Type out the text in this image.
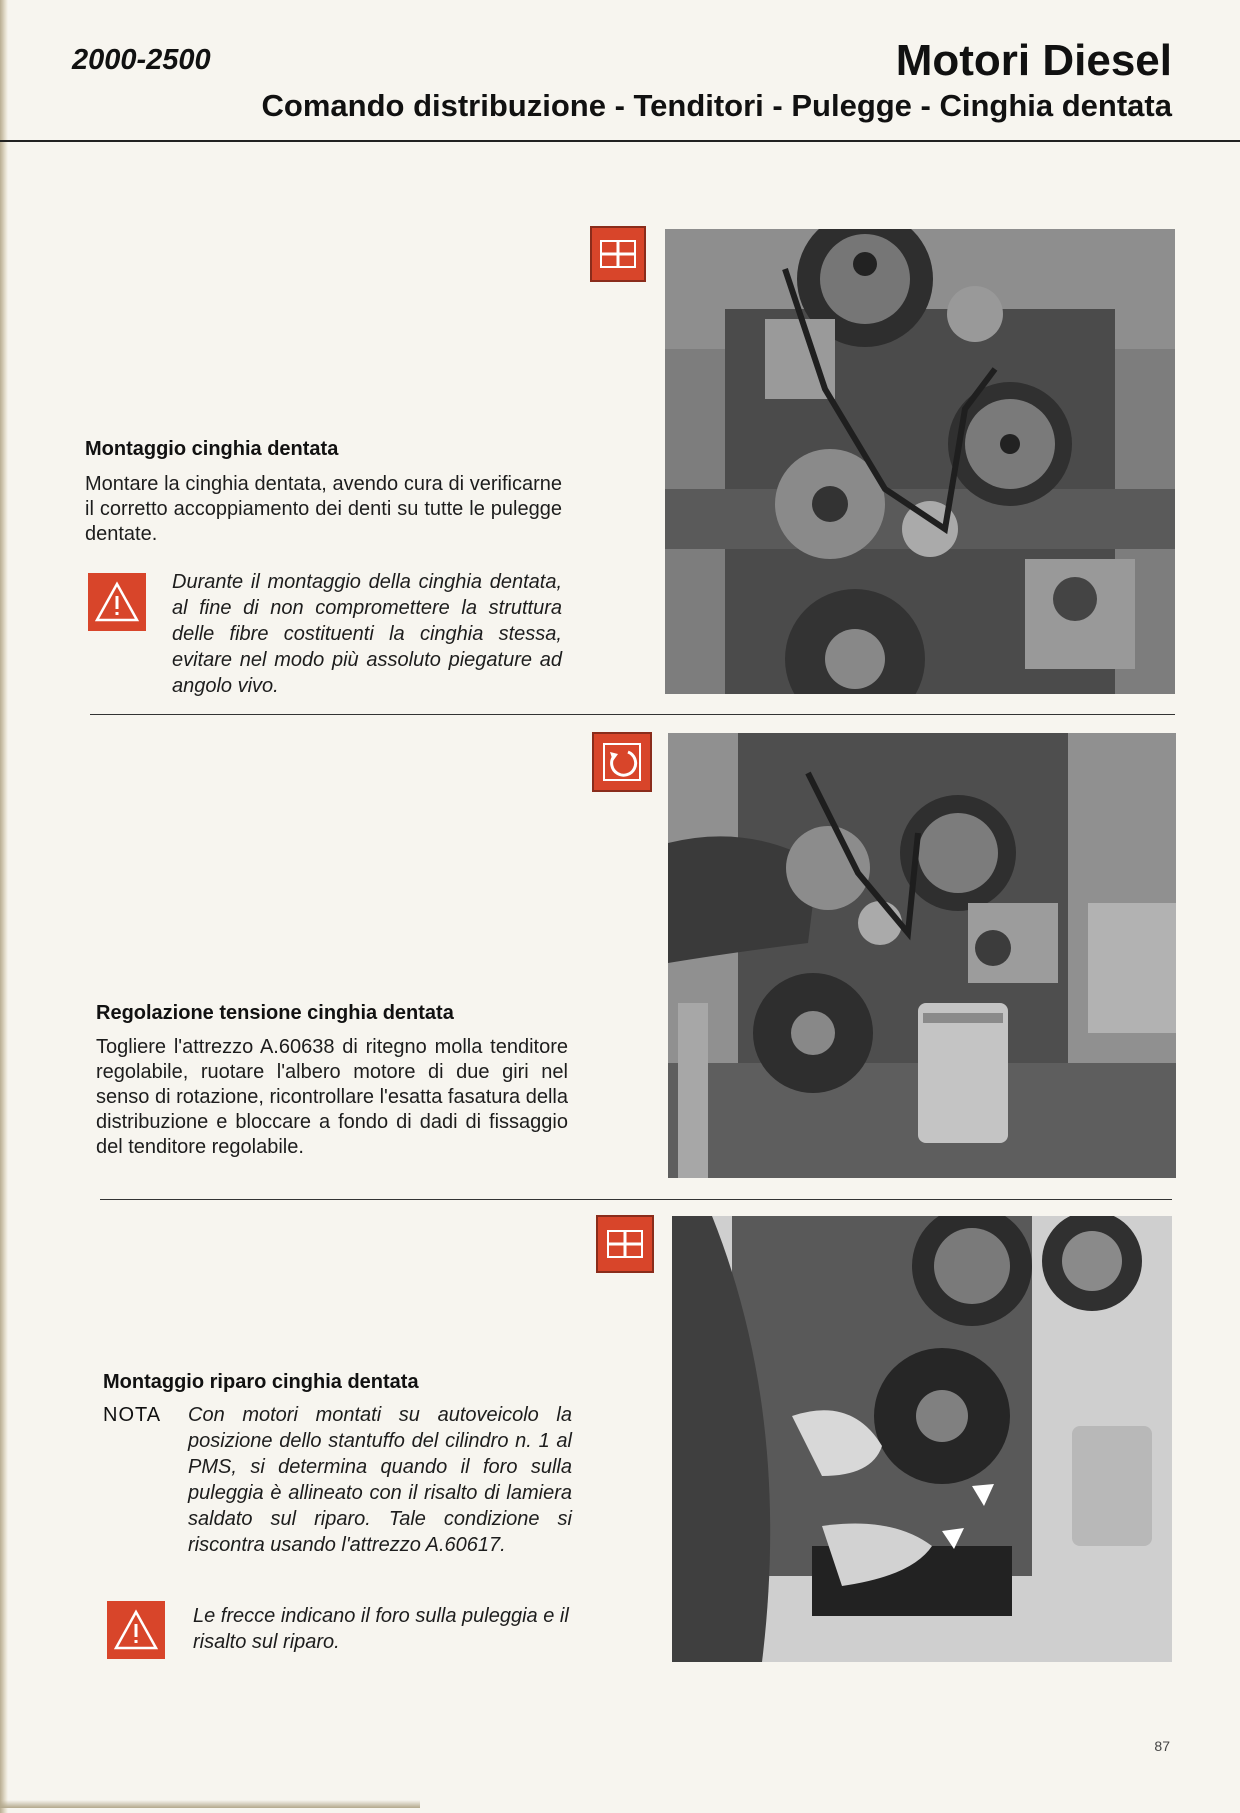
2000-2500	Motori Diesel
Comando distribuzione - Tenditori - Pulegge - Cinghia dentata
Montaggio cinghia dentata
Montare la cinghia dentata, avendo cura di verificarne il corretto accoppiamento dei denti su tutte le pulegge dentate.
Durante il montaggio della cinghia dentata, al fine di non compromettere la struttura delle fibre costituenti la cinghia stessa, evitare nel modo più assoluto piegature ad angolo vivo.
Regolazione tensione cinghia dentata
Togliere l'attrezzo A.60638 di ritegno molla tenditore regolabile, ruotare l'albero motore di due giri nel senso di rotazione, ricontrollare l'esatta fasatura della distribuzione e bloccare a fondo di dadi di fissaggio del tenditore regolabile.
Montaggio riparo cinghia dentata
NOTA Con motori montati su autoveicolo la posizione dello stantuffo del cilindro n. 1 al PMS, si determina quando il foro sulla puleggia è allineato con il risalto di lamiera saldato sul riparo. Tale condizione si riscontra usando l'attrezzo A.60617.
Le frecce indicano il foro sulla puleggia e il risalto sul riparo.
87
